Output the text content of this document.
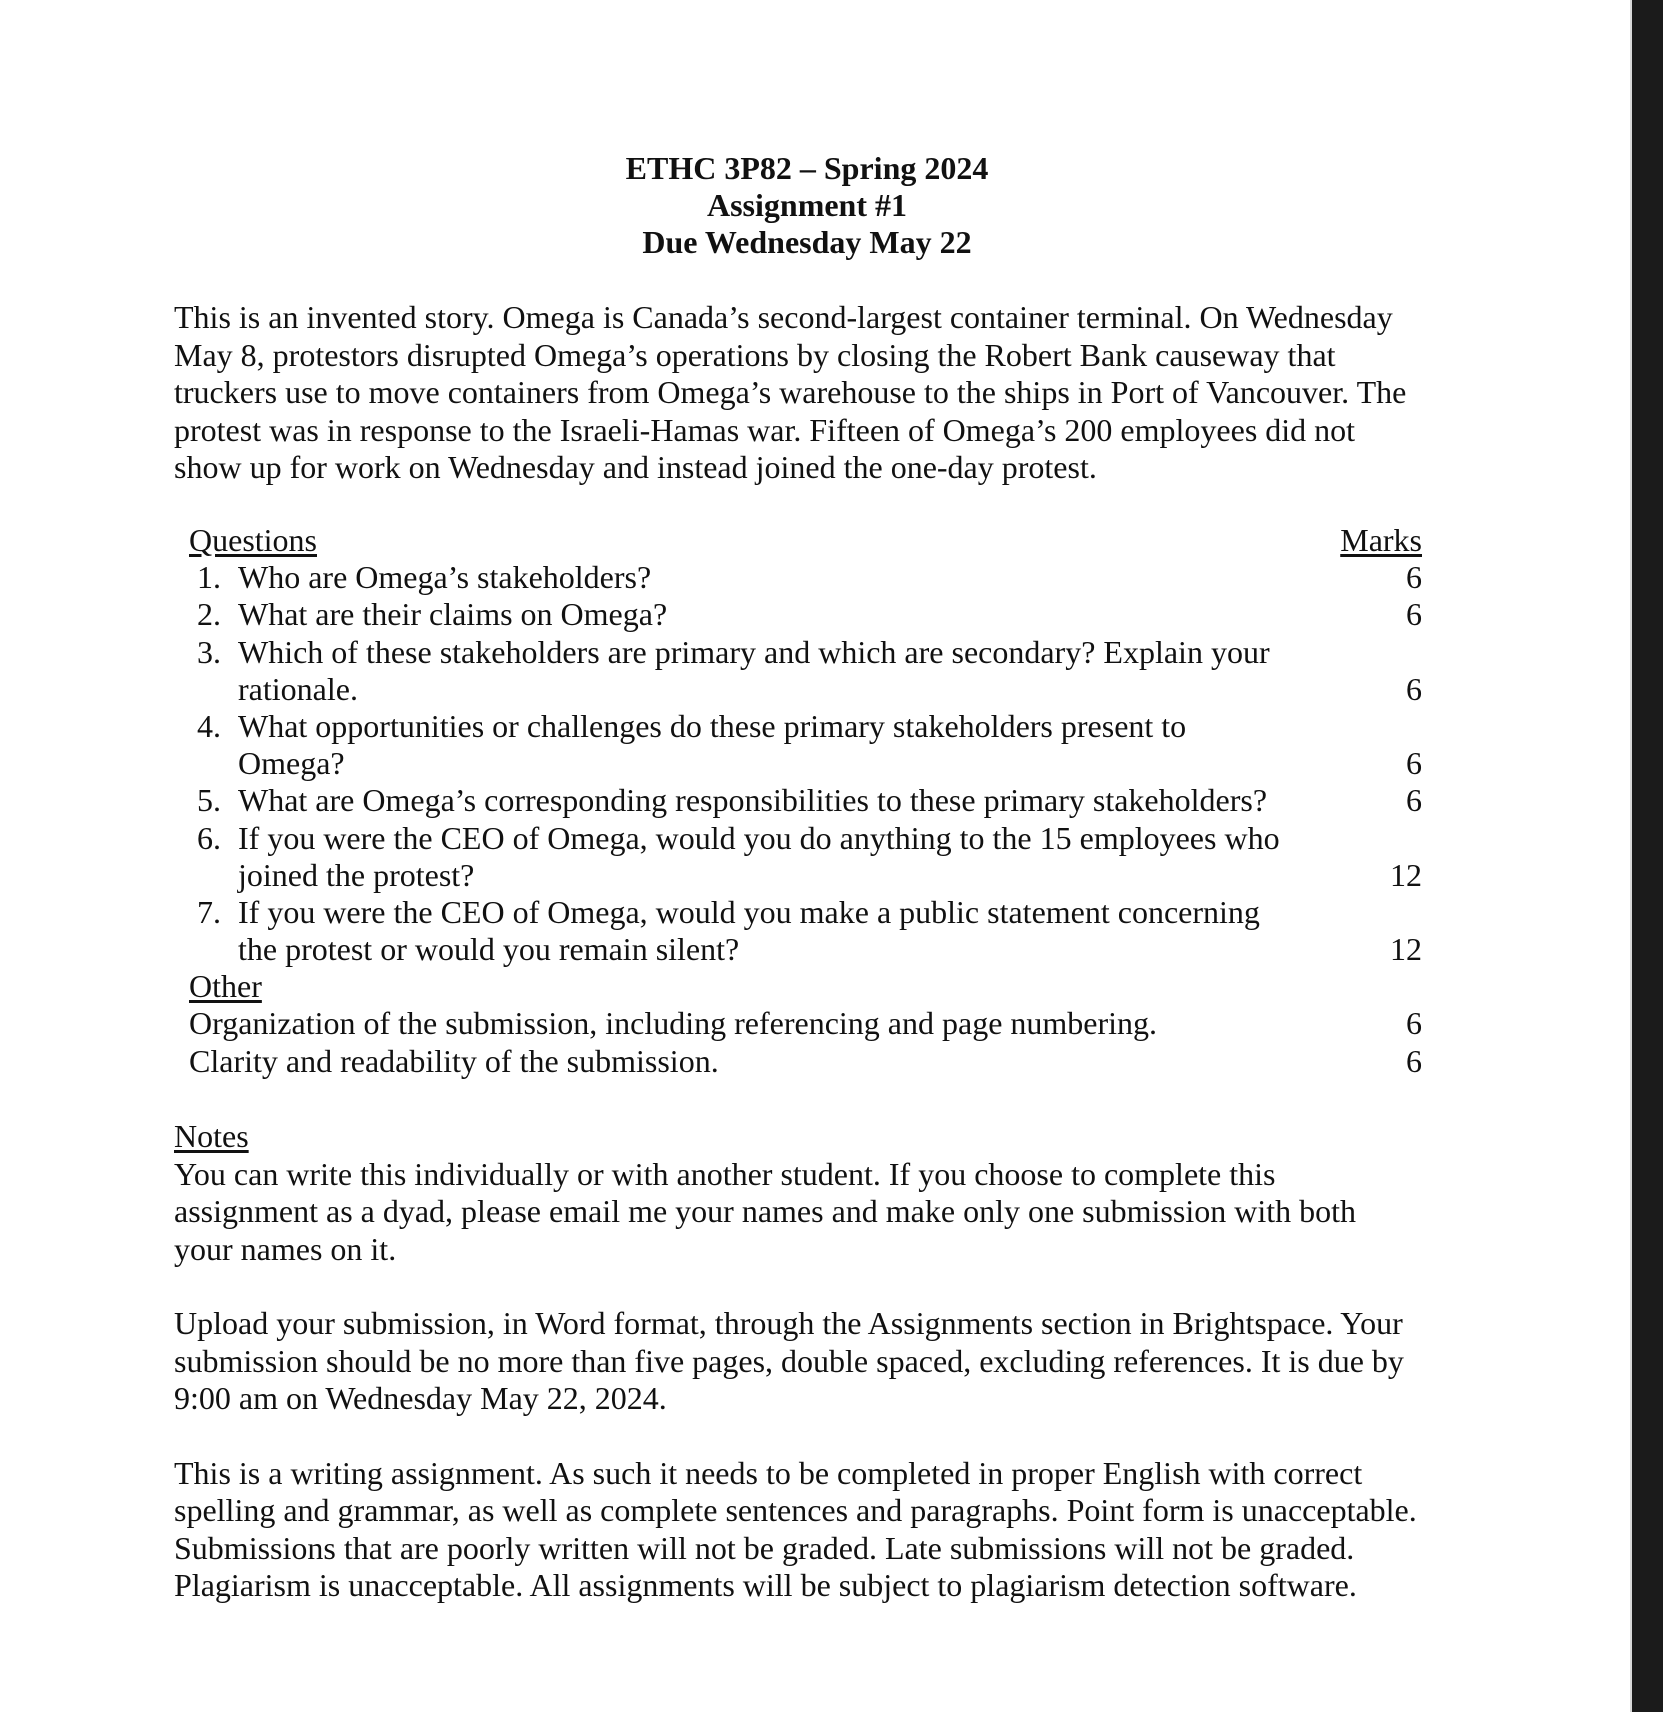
ETHC 3P82 – Spring 2024
Assignment #1
Due Wednesday May 22
This is an invented story. Omega is Canada’s second-largest container terminal. On Wednesday
May 8, protestors disrupted Omega’s operations by closing the Robert Bank causeway that
truckers use to move containers from Omega’s warehouse to the ships in Port of Vancouver. The
protest was in response to the Israeli-Hamas war. Fifteen of Omega’s 200 employees did not
show up for work on Wednesday and instead joined the one-day protest.
Questions	Marks
1. Who are Omega’s stakeholders?	6
2. What are their claims on Omega?	6
3. Which of these stakeholders are primary and which are secondary? Explain your
rationale.	6
4. What opportunities or challenges do these primary stakeholders present to
Omega?	6
5. What are Omega’s corresponding responsibilities to these primary stakeholders?	6
6. If you were the CEO of Omega, would you do anything to the 15 employees who
joined the protest?	12
7. If you were the CEO of Omega, would you make a public statement concerning
the protest or would you remain silent?	12
Other
Organization of the submission, including referencing and page numbering.	6
Clarity and readability of the submission.	6
Notes
You can write this individually or with another student. If you choose to complete this
assignment as a dyad, please email me your names and make only one submission with both
your names on it.
Upload your submission, in Word format, through the Assignments section in Brightspace. Your
submission should be no more than five pages, double spaced, excluding references. It is due by
9:00 am on Wednesday May 22, 2024.
This is a writing assignment. As such it needs to be completed in proper English with correct
spelling and grammar, as well as complete sentences and paragraphs. Point form is unacceptable.
Submissions that are poorly written will not be graded. Late submissions will not be graded.
Plagiarism is unacceptable. All assignments will be subject to plagiarism detection software.
